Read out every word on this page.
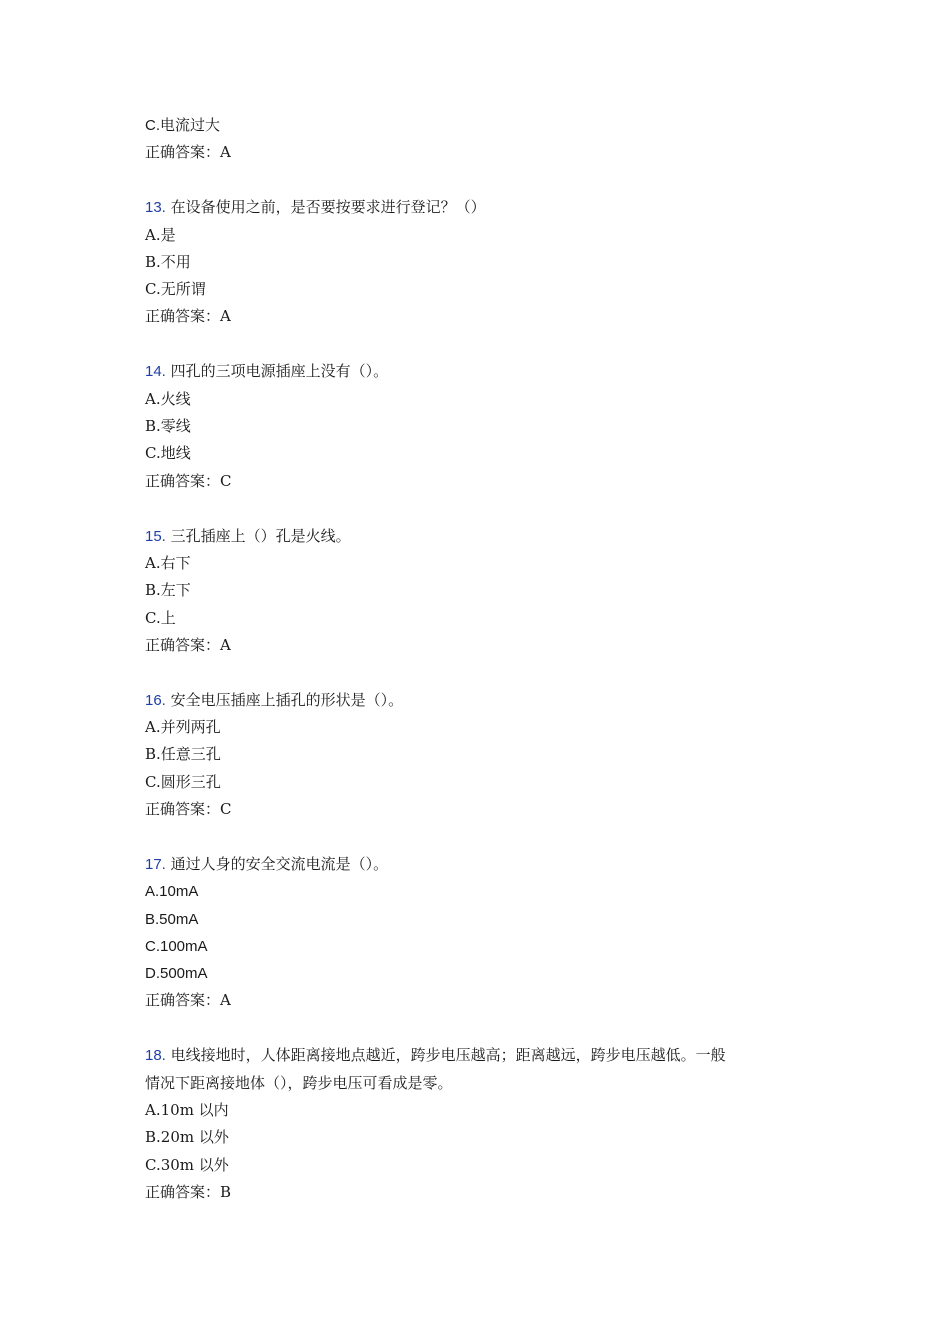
C.电流过大
正确答案：A
13. 在设备使用之前，是否要按要求进行登记？（）
A.是
B.不用
C.无所谓
正确答案：A
14. 四孔的三项电源插座上没有（）。
A.火线
B.零线
C.地线
正确答案：C
15. 三孔插座上（）孔是火线。
A.右下
B.左下
C.上
正确答案：A
16. 安全电压插座上插孔的形状是（）。
A.并列两孔
B.任意三孔
C.圆形三孔
正确答案：C
17. 通过人身的安全交流电流是（）。
A.10mA
B.50mA
C.100mA
D.500mA
正确答案：A
18. 电线接地时，人体距离接地点越近，跨步电压越高；距离越远，跨步电压越低。一般
情况下距离接地体（），跨步电压可看成是零。
A.10m 以内
B.20m 以外
C.30m 以外
正确答案：B
